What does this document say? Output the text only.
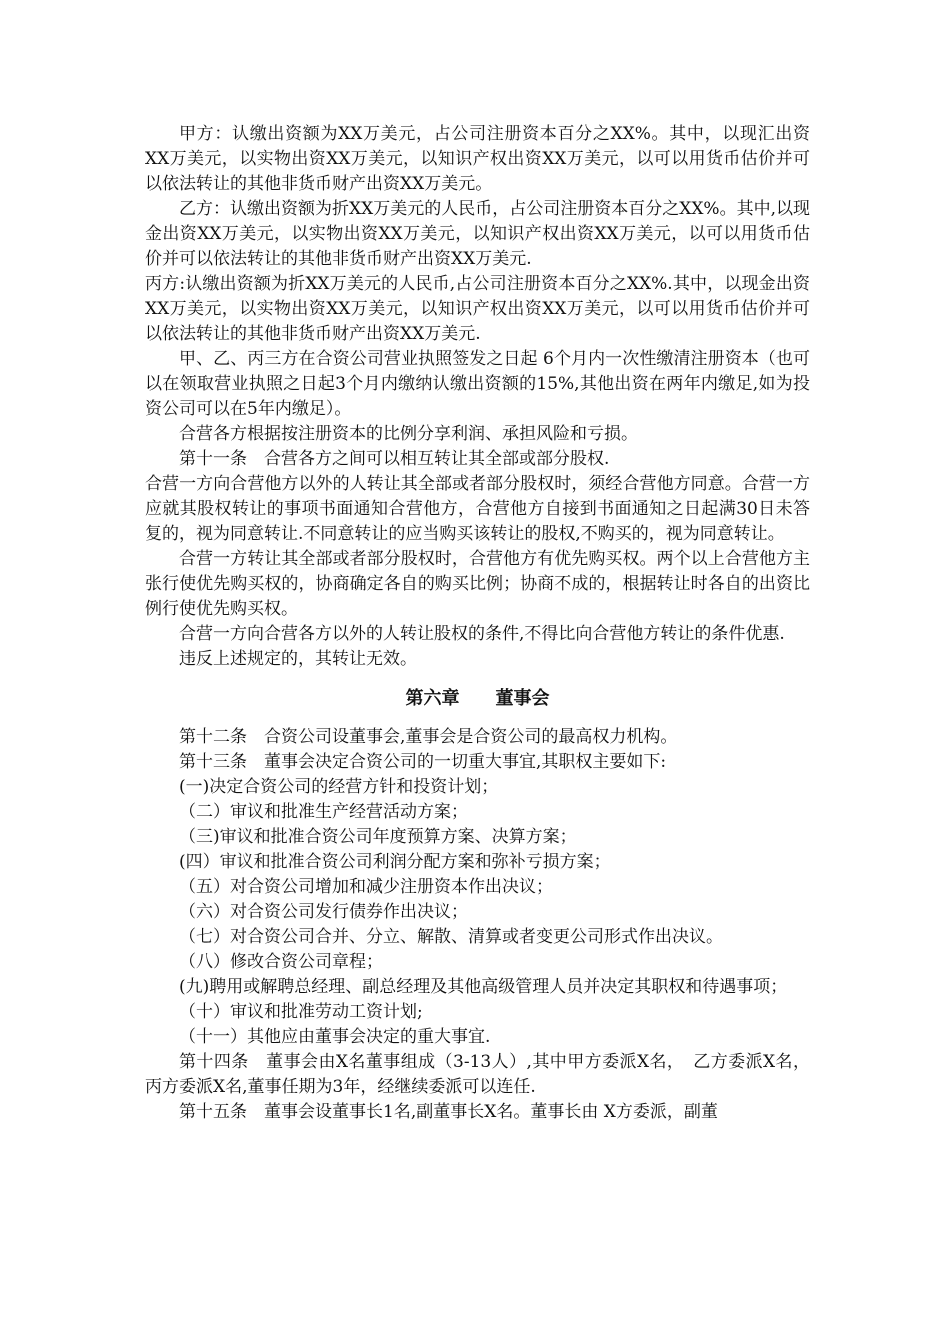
甲方：认缴出资额为XX万美元，占公司注册资本百分之XX%。其中，以现汇出资XX万美元，以实物出资XX万美元，以知识产权出资XX万美元，以可以用货币估价并可以依法转让的其他非货币财产出资XX万美元。

乙方：认缴出资额为折XX万美元的人民币，占公司注册资本百分之XX%。其中,以现金出资XX万美元，以实物出资XX万美元，以知识产权出资XX万美元，以可以用货币估价并可以依法转让的其他非货币财产出资XX万美元.

丙方:认缴出资额为折XX万美元的人民币,占公司注册资本百分之XX%.其中，以现金出资XX万美元，以实物出资XX万美元，以知识产权出资XX万美元，以可以用货币估价并可以依法转让的其他非货币财产出资XX万美元.

甲、乙、丙三方在合资公司营业执照签发之日起 6个月内一次性缴清注册资本（也可以在领取营业执照之日起3个月内缴纳认缴出资额的15%,其他出资在两年内缴足,如为投资公司可以在5年内缴足）。

合营各方根据按注册资本的比例分享利润、承担风险和亏损。

第十一条　合营各方之间可以相互转让其全部或部分股权.

合营一方向合营他方以外的人转让其全部或者部分股权时，须经合营他方同意。合营一方应就其股权转让的事项书面通知合营他方，合营他方自接到书面通知之日起满30日未答复的，视为同意转让.不同意转让的应当购买该转让的股权,不购买的，视为同意转让。

合营一方转让其全部或者部分股权时，合营他方有优先购买权。两个以上合营他方主张行使优先购买权的，协商确定各自的购买比例；协商不成的，根据转让时各自的出资比例行使优先购买权。

合营一方向合营各方以外的人转让股权的条件,不得比向合营他方转让的条件优惠.

违反上述规定的，其转让无效。

第六章　　董事会

第十二条　合资公司设董事会,董事会是合资公司的最高权力机构。

第十三条　董事会决定合资公司的一切重大事宜,其职权主要如下:

(一)决定合资公司的经营方针和投资计划；

（二）审议和批准生产经营活动方案；

（三)审议和批准合资公司年度预算方案、决算方案；

(四）审议和批准合资公司利润分配方案和弥补亏损方案；

（五）对合资公司增加和减少注册资本作出决议；

（六）对合资公司发行债券作出决议；

（七）对合资公司合并、分立、解散、清算或者变更公司形式作出决议。

（八）修改合资公司章程；

(九)聘用或解聘总经理、副总经理及其他高级管理人员并决定其职权和待遇事项；

（十）审议和批准劳动工资计划;

（十一）其他应由董事会决定的重大事宜.

第十四条　董事会由X名董事组成（3-13人）,其中甲方委派X名，　乙方委派X名，丙方委派X名,董事任期为3年，经继续委派可以连任.

第十五条　董事会设董事长1名,副董事长X名。董事长由 X方委派，副董
